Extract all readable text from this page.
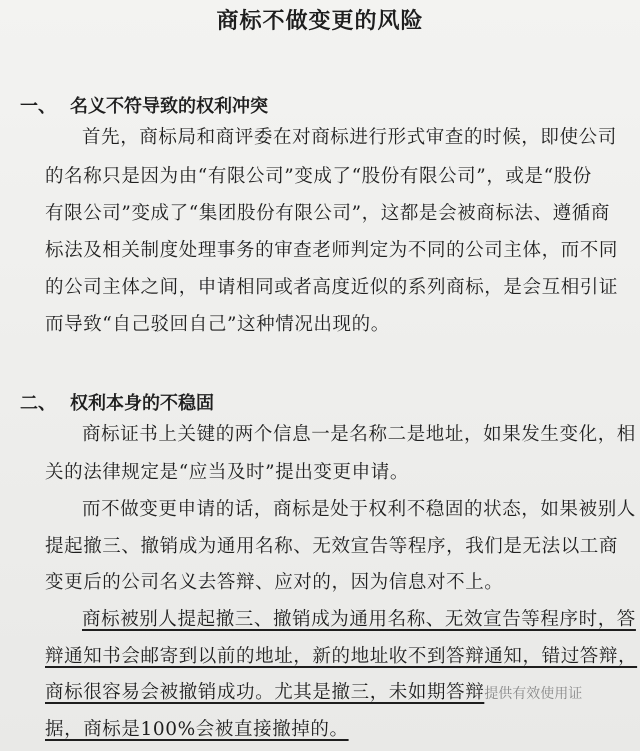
商标不做变更的风险
一、 名义不符导致的权利冲突
首先，商标局和商评委在对商标进行形式审查的时候，即使公司
的名称只是因为由“有限公司”变成了“股份有限公司”，或是“股份
有限公司”变成了“集团股份有限公司”，这都是会被商标法、遵循商
标法及相关制度处理事务的审查老师判定为不同的公司主体，而不同
的公司主体之间，申请相同或者高度近似的系列商标，是会互相引证
而导致“自己驳回自己”这种情况出现的。
二、 权利本身的不稳固
商标证书上关键的两个信息一是名称二是地址，如果发生变化，相
关的法律规定是“应当及时”提出变更申请。
而不做变更申请的话，商标是处于权利不稳固的状态，如果被别人
提起撤三、撤销成为通用名称、无效宣告等程序，我们是无法以工商
变更后的公司名义去答辩、应对的，因为信息对不上。
商标被别人提起撤三、撤销成为通用名称、无效宣告等程序时，答
辩通知书会邮寄到以前的地址，新的地址收不到答辩通知，错过答辩，
商标很容易会被撤销成功。尤其是撤三，未如期答辩提供有效使用证
据，商标是100%会被直接撤掉的。
